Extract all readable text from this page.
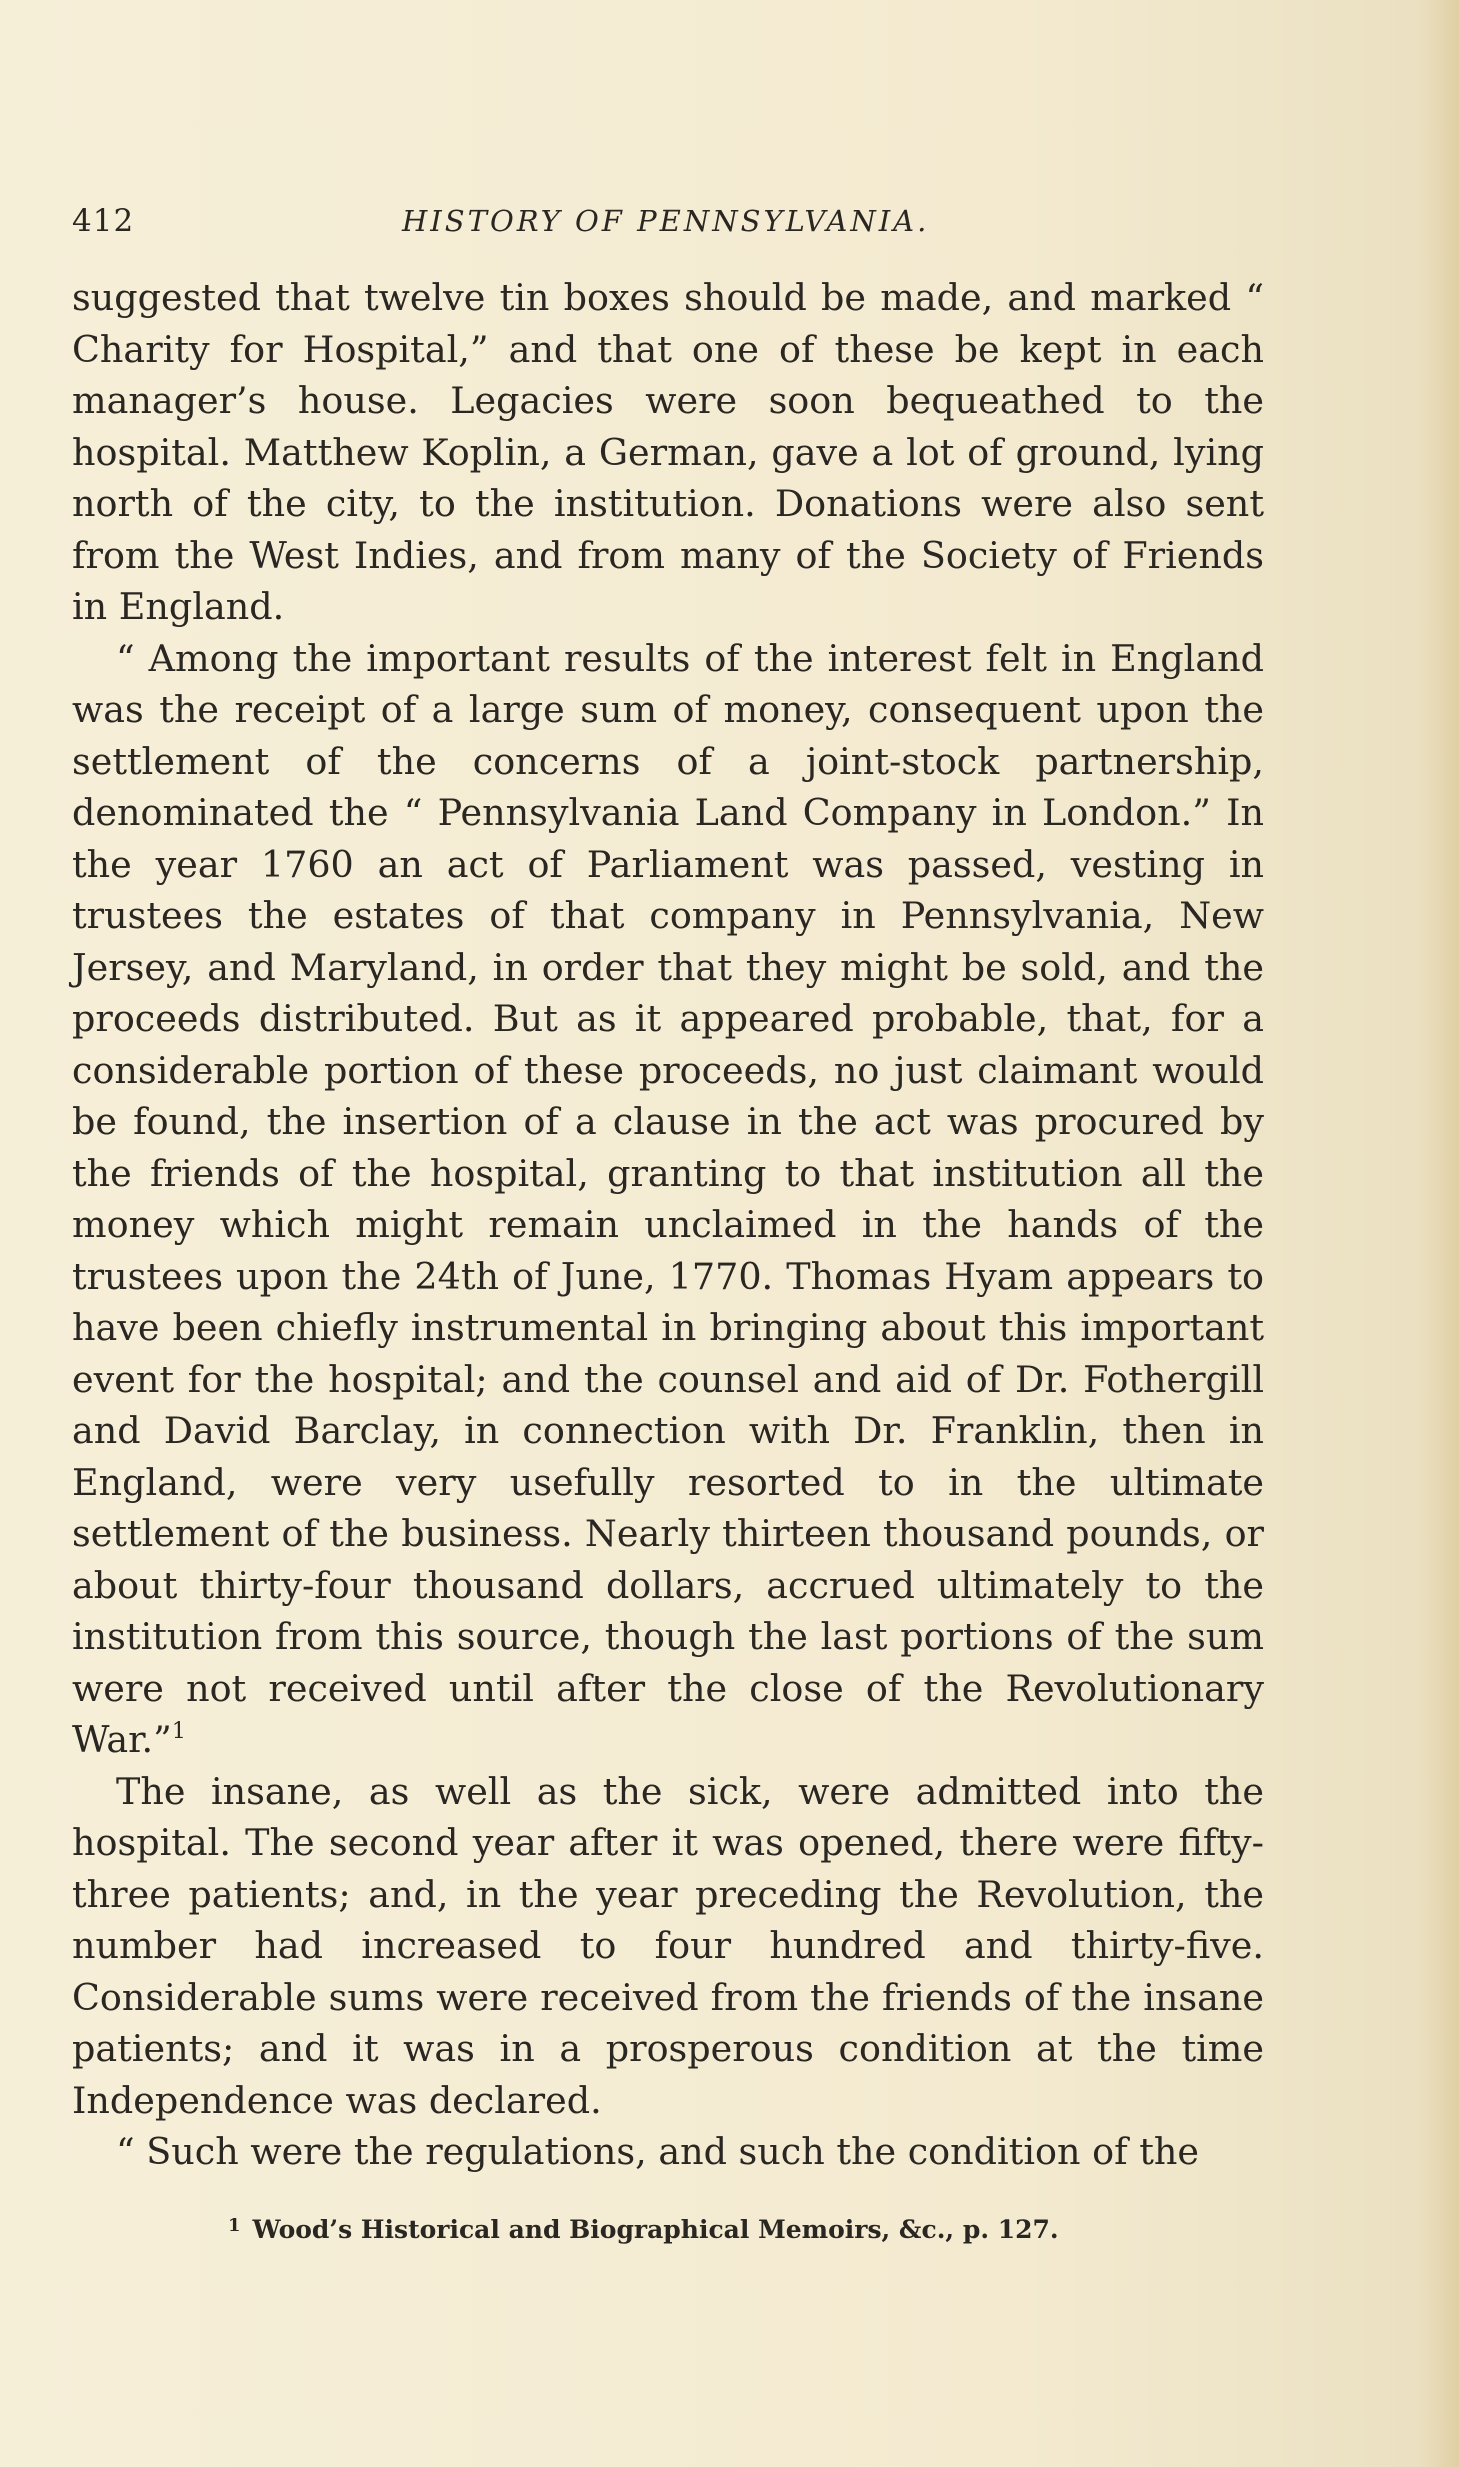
412	HISTORY OF PENNSYLVANIA.

suggested that twelve tin boxes should be made, and marked “ Charity for Hospital,” and that one of these be kept in each manager’s house. Legacies were soon bequeathed to the hospital. Matthew Koplin, a German, gave a lot of ground, lying north of the city, to the institution. Donations were also sent from the West Indies, and from many of the Society of Friends in England.

“ Among the important results of the interest felt in England was the receipt of a large sum of money, consequent upon the settlement of the concerns of a joint-stock partnership, denominated the “ Pennsylvania Land Company in London.” In the year 1760 an act of Parliament was passed, vesting in trustees the estates of that company in Pennsylvania, New Jersey, and Maryland, in order that they might be sold, and the proceeds distributed. But as it appeared probable, that, for a considerable portion of these proceeds, no just claimant would be found, the insertion of a clause in the act was procured by the friends of the hospital, granting to that institution all the money which might remain unclaimed in the hands of the trustees upon the 24th of June, 1770. Thomas Hyam appears to have been chiefly instrumental in bringing about this important event for the hospital; and the counsel and aid of Dr. Fothergill and David Barclay, in connection with Dr. Franklin, then in England, were very usefully resorted to in the ultimate settlement of the business. Nearly thirteen thousand pounds, or about thirty-four thousand dollars, accrued ultimately to the institution from this source, though the last portions of the sum were not received until after the close of the Revolutionary War.”$^1$

The insane, as well as the sick, were admitted into the hospital. The second year after it was opened, there were fifty-three patients; and, in the year preceding the Revolution, the number had increased to four hundred and thirty-five. Considerable sums were received from the friends of the insane patients; and it was in a prosperous condition at the time Independence was declared.

“ Such were the regulations, and such the condition of the

$^1$ Wood’s Historical and Biographical Memoirs, &c., p. 127.
